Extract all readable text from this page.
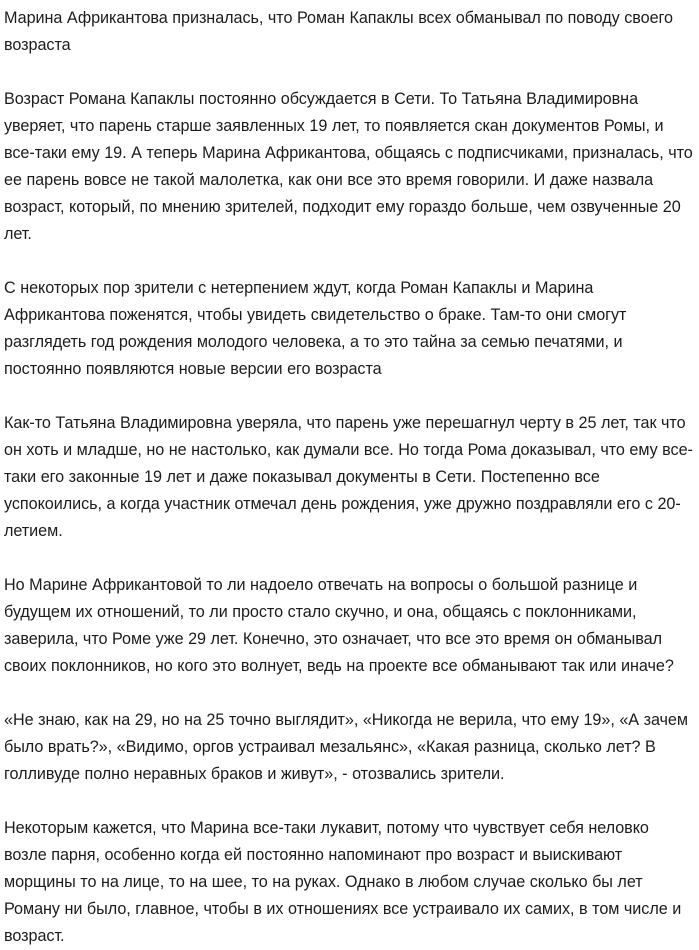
Марина Африкантова призналась, что Роман Капаклы всех обманывал по поводу своего возраста

Возраст Романа Капаклы постоянно обсуждается в Сети. То Татьяна Владимировна уверяет, что парень старше заявленных 19 лет, то появляется скан документов Ромы, и все-таки ему 19. А теперь Марина Африкантова, общаясь с подписчиками, призналась, что ее парень вовсе не такой малолетка, как они все это время говорили. И даже назвала возраст, который, по мнению зрителей, подходит ему гораздо больше, чем озвученные 20 лет.

С некоторых пор зрители с нетерпением ждут, когда Роман Капаклы и Марина Африкантова поженятся, чтобы увидеть свидетельство о браке. Там-то они смогут разглядеть год рождения молодого человека, а то это тайна за семью печатями, и постоянно появляются новые версии его возраста

Как-то Татьяна Владимировна уверяла, что парень уже перешагнул черту в 25 лет, так что он хоть и младше, но не настолько, как думали все. Но тогда Рома доказывал, что ему все-таки его законные 19 лет и даже показывал документы в Сети. Постепенно все успокоились, а когда участник отмечал день рождения, уже дружно поздравляли его с 20-летием.

Но Марине Африкантовой то ли надоело отвечать на вопросы о большой разнице и будущем их отношений, то ли просто стало скучно, и она, общаясь с поклонниками, заверила, что Роме уже 29 лет. Конечно, это означает, что все это время он обманывал своих поклонников, но кого это волнует, ведь на проекте все обманывают так или иначе?

«Не знаю, как на 29, но на 25 точно выглядит», «Никогда не верила, что ему 19», «А зачем было врать?», «Видимо, оргов устраивал мезальянс», «Какая разница, сколько лет? В голливуде полно неравных браков и живут», - отозвались зрители.

Некоторым кажется, что Марина все-таки лукавит, потому что чувствует себя неловко возле парня, особенно когда ей постоянно напоминают про возраст и выискивают морщины то на лице, то на шее, то на руках. Однако в любом случае сколько бы лет Роману ни было, главное, чтобы в их отношениях все устраивало их самих, в том числе и возраст.
